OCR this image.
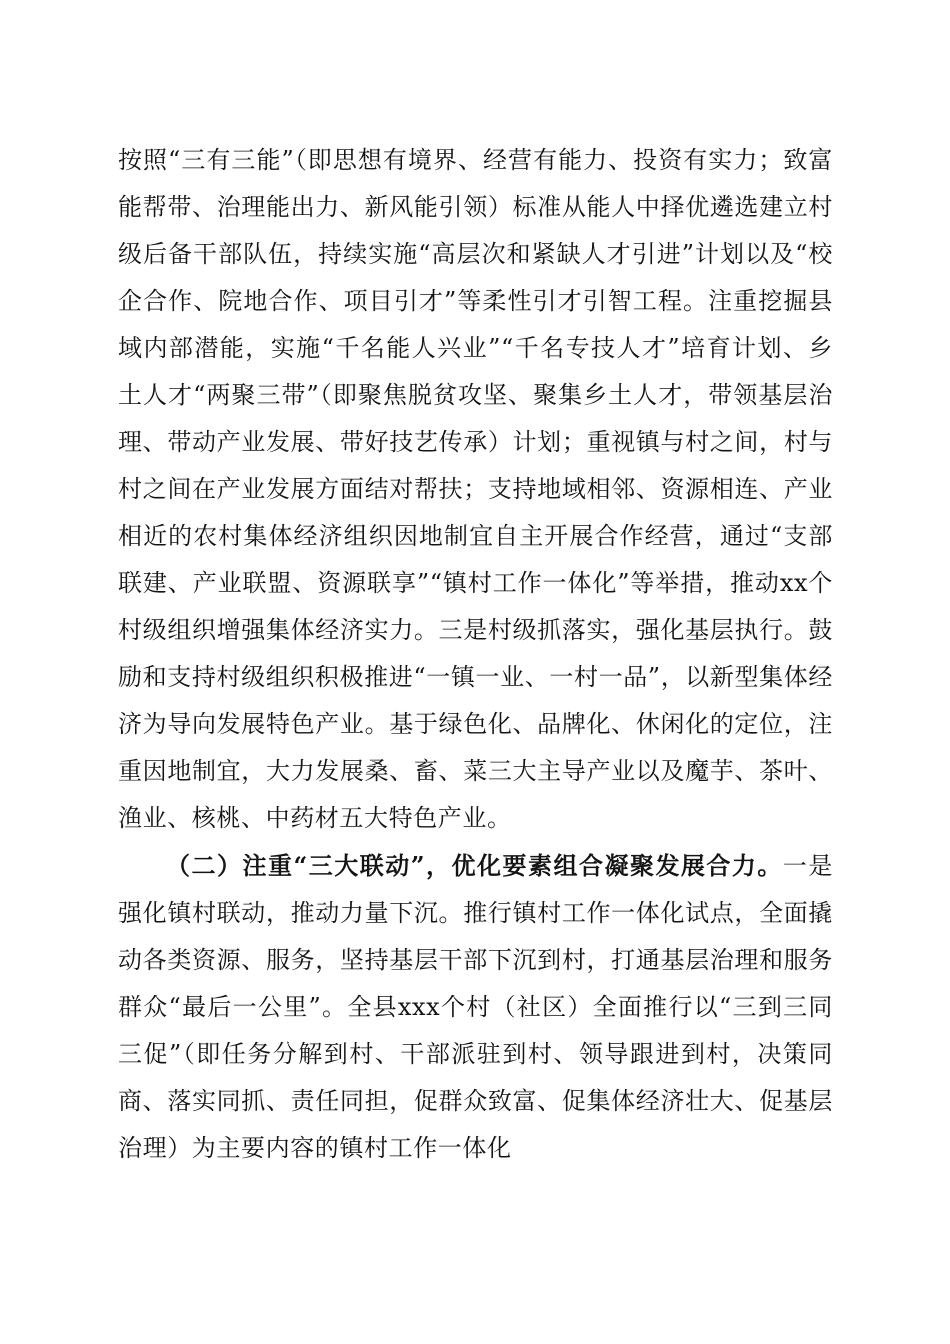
按照“三有三能”（即思想有境界、经营有能力、投资有实力；致富能帮带、治理能出力、新风能引领）标准从能人中择优遴选建立村级后备干部队伍，持续实施“高层次和紧缺人才引进”计划以及“校企合作、院地合作、项目引才”等柔性引才引智工程。注重挖掘县域内部潜能，实施“千名能人兴业”“千名专技人才”培育计划、乡土人才“两聚三带”（即聚焦脱贫攻坚、聚集乡土人才，带领基层治理、带动产业发展、带好技艺传承）计划；重视镇与村之间，村与村之间在产业发展方面结对帮扶；支持地域相邻、资源相连、产业相近的农村集体经济组织因地制宜自主开展合作经营，通过“支部联建、产业联盟、资源联享”“镇村工作一体化”等举措，推动xx个村级组织增强集体经济实力。三是村级抓落实，强化基层执行。鼓励和支持村级组织积极推进“一镇一业、一村一品”，以新型集体经济为导向发展特色产业。基于绿色化、品牌化、休闲化的定位，注重因地制宜，大力发展桑、畜、菜三大主导产业以及魔芋、茶叶、渔业、核桃、中药材五大特色产业。

（二）注重“三大联动”，优化要素组合凝聚发展合力。一是强化镇村联动，推动力量下沉。推行镇村工作一体化试点，全面撬动各类资源、服务，坚持基层干部下沉到村，打通基层治理和服务群众“最后一公里”。全县xxx个村（社区）全面推行以“三到三同三促”（即任务分解到村、干部派驻到村、领导跟进到村，决策同商、落实同抓、责任同担，促群众致富、促集体经济壮大、促基层治理）为主要内容的镇村工作一体化
